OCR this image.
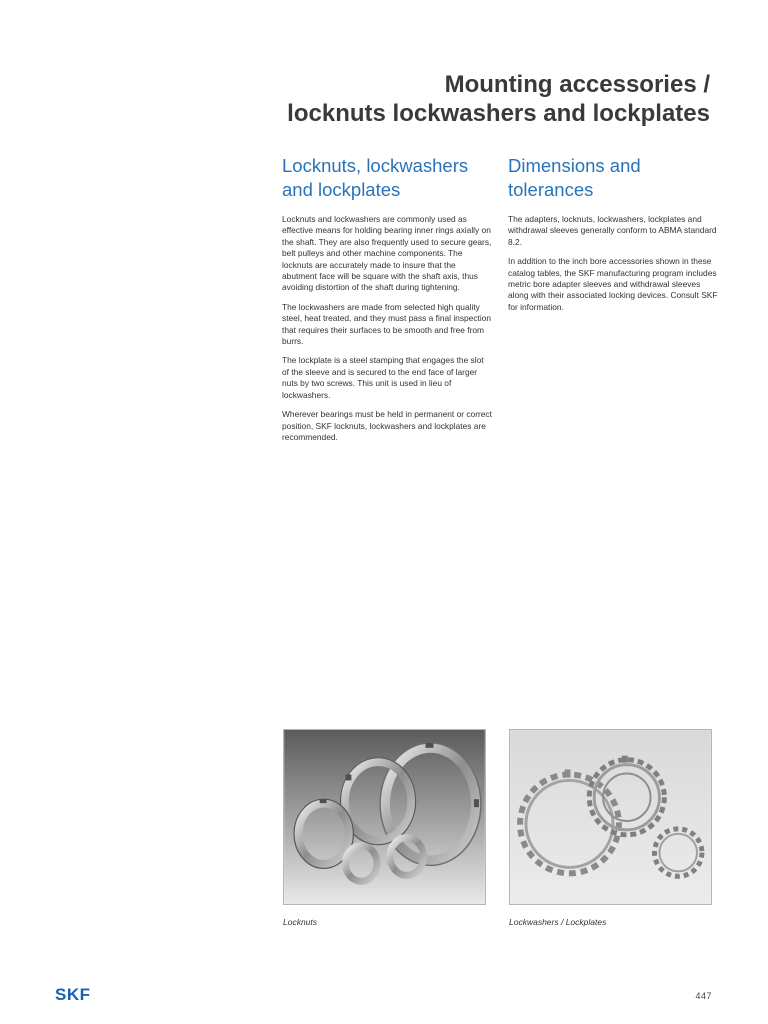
Mounting accessories /
locknuts lockwashers and lockplates
Locknuts, lockwashers
and lockplates

Locknuts and lockwashers are commonly used as effective means for holding bearing inner rings axially on the shaft. They are also frequently used to secure gears, belt pulleys and other machine components. The locknuts are accurately made to insure that the abutment face will be square with the shaft axis, thus avoiding distortion of the shaft during tightening.

The lockwashers are made from selected high quality steel, heat treated, and they must pass a final inspection that requires their surfaces to be smooth and free from burrs.

The lockplate is a steel stamping that engages the slot of the sleeve and is secured to the end face of larger nuts by two screws. This unit is used in lieu of lockwashers.

Wherever bearings must be held in permanent or correct position, SKF locknuts, lockwashers and lockplates are recommended.

Dimensions and
tolerances

The adapters, locknuts, lockwashers, lockplates and withdrawal sleeves generally conform to ABMA standard 8.2.

In addition to the inch bore accessories shown in these catalog tables, the SKF manufacturing program includes metric bore adapter sleeves and withdrawal sleeves along with their associated locking devices. Consult SKF for information.

Locknuts	Lockwashers / Lockplates
SKF	447
